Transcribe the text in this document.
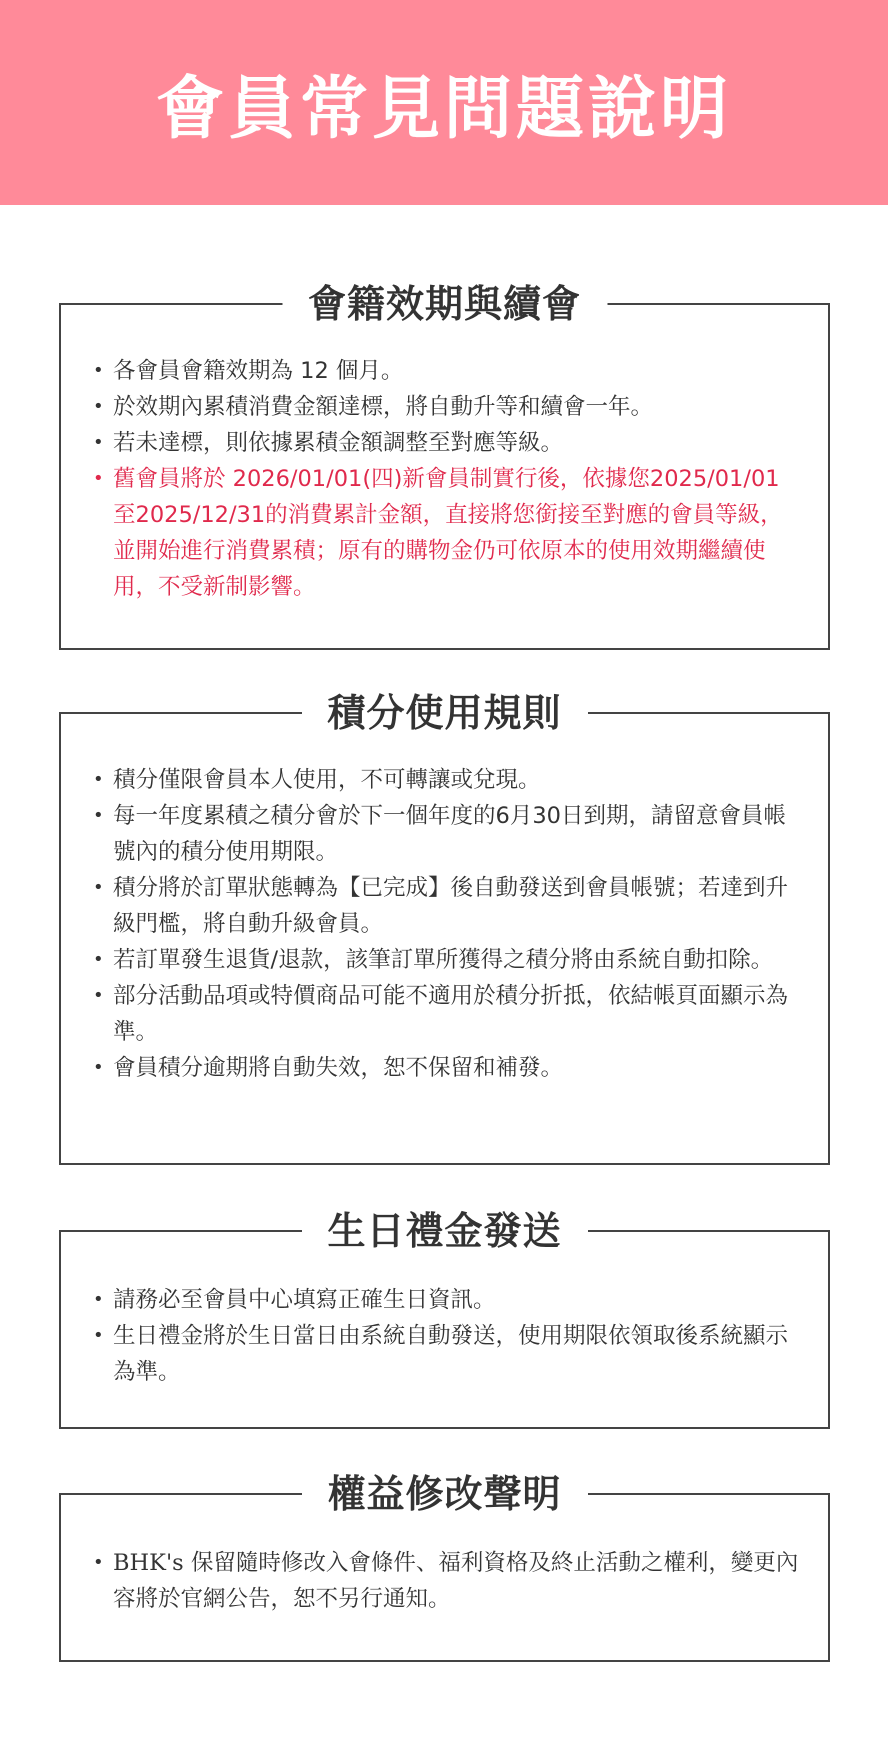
會員常見問題說明
會籍效期與續會
• 各會員會籍效期為 12 個月。
• 於效期內累積消費金額達標，將自動升等和續會一年。
• 若未達標，則依據累積金額調整至對應等級。
• 舊會員將於 2026/01/01(四)新會員制實行後，依據您2025/01/01至2025/12/31的消費累計金額，直接將您銜接至對應的會員等級，並開始進行消費累積；原有的購物金仍可依原本的使用效期繼續使用，不受新制影響。
積分使用規則
• 積分僅限會員本人使用，不可轉讓或兌現。
• 每一年度累積之積分會於下一個年度的6月30日到期，請留意會員帳號內的積分使用期限。
• 積分將於訂單狀態轉為【已完成】後自動發送到會員帳號；若達到升級門檻，將自動升級會員。
• 若訂單發生退貨/退款，該筆訂單所獲得之積分將由系統自動扣除。
• 部分活動品項或特價商品可能不適用於積分折抵，依結帳頁面顯示為準。
• 會員積分逾期將自動失效，恕不保留和補發。
生日禮金發送
• 請務必至會員中心填寫正確生日資訊。
• 生日禮金將於生日當日由系統自動發送，使用期限依領取後系統顯示為準。
權益修改聲明
• BHK's 保留隨時修改入會條件、福利資格及終止活動之權利，變更內容將於官網公告，恕不另行通知。
